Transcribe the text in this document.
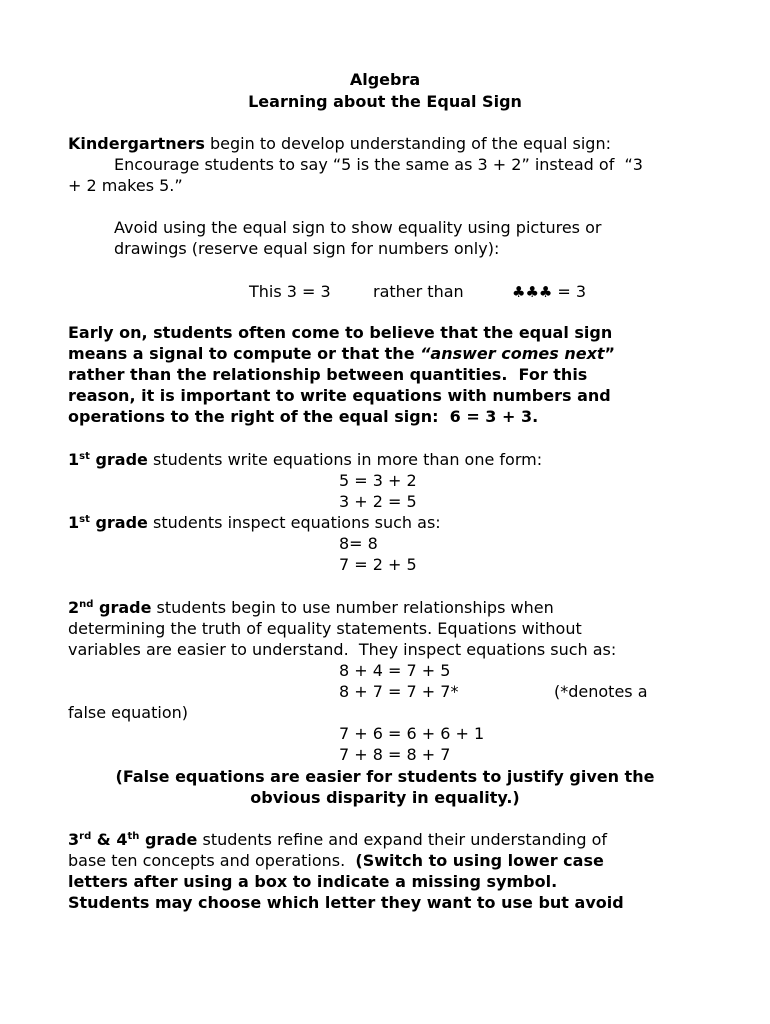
Algebra
Learning about the Equal Sign
Kindergartners begin to develop understanding of the equal sign:
Encourage students to say “5 is the same as 3 + 2” instead of  “3
+ 2 makes 5.”
Avoid using the equal sign to show equality using pictures or
drawings (reserve equal sign for numbers only):
This 3 = 3	rather than	♣♣♣ = 3
Early on, students often come to believe that the equal sign
means a signal to compute or that the “answer comes next”
rather than the relationship between quantities.  For this
reason, it is important to write equations with numbers and
operations to the right of the equal sign:  6 = 3 + 3.
1st grade students write equations in more than one form:
5 = 3 + 2
3 + 2 = 5
1st grade students inspect equations such as:
8= 8
7 = 2 + 5
2nd grade students begin to use number relationships when
determining the truth of equality statements. Equations without
variables are easier to understand.  They inspect equations such as:
8 + 4 = 7 + 5
8 + 7 = 7 + 7*	(*denotes a
false equation)
7 + 6 = 6 + 6 + 1
7 + 8 = 8 + 7
(False equations are easier for students to justify given the
obvious disparity in equality.)
3rd & 4th grade students refine and expand their understanding of
base ten concepts and operations.  (Switch to using lower case
letters after using a box to indicate a missing symbol.
Students may choose which letter they want to use but avoid
